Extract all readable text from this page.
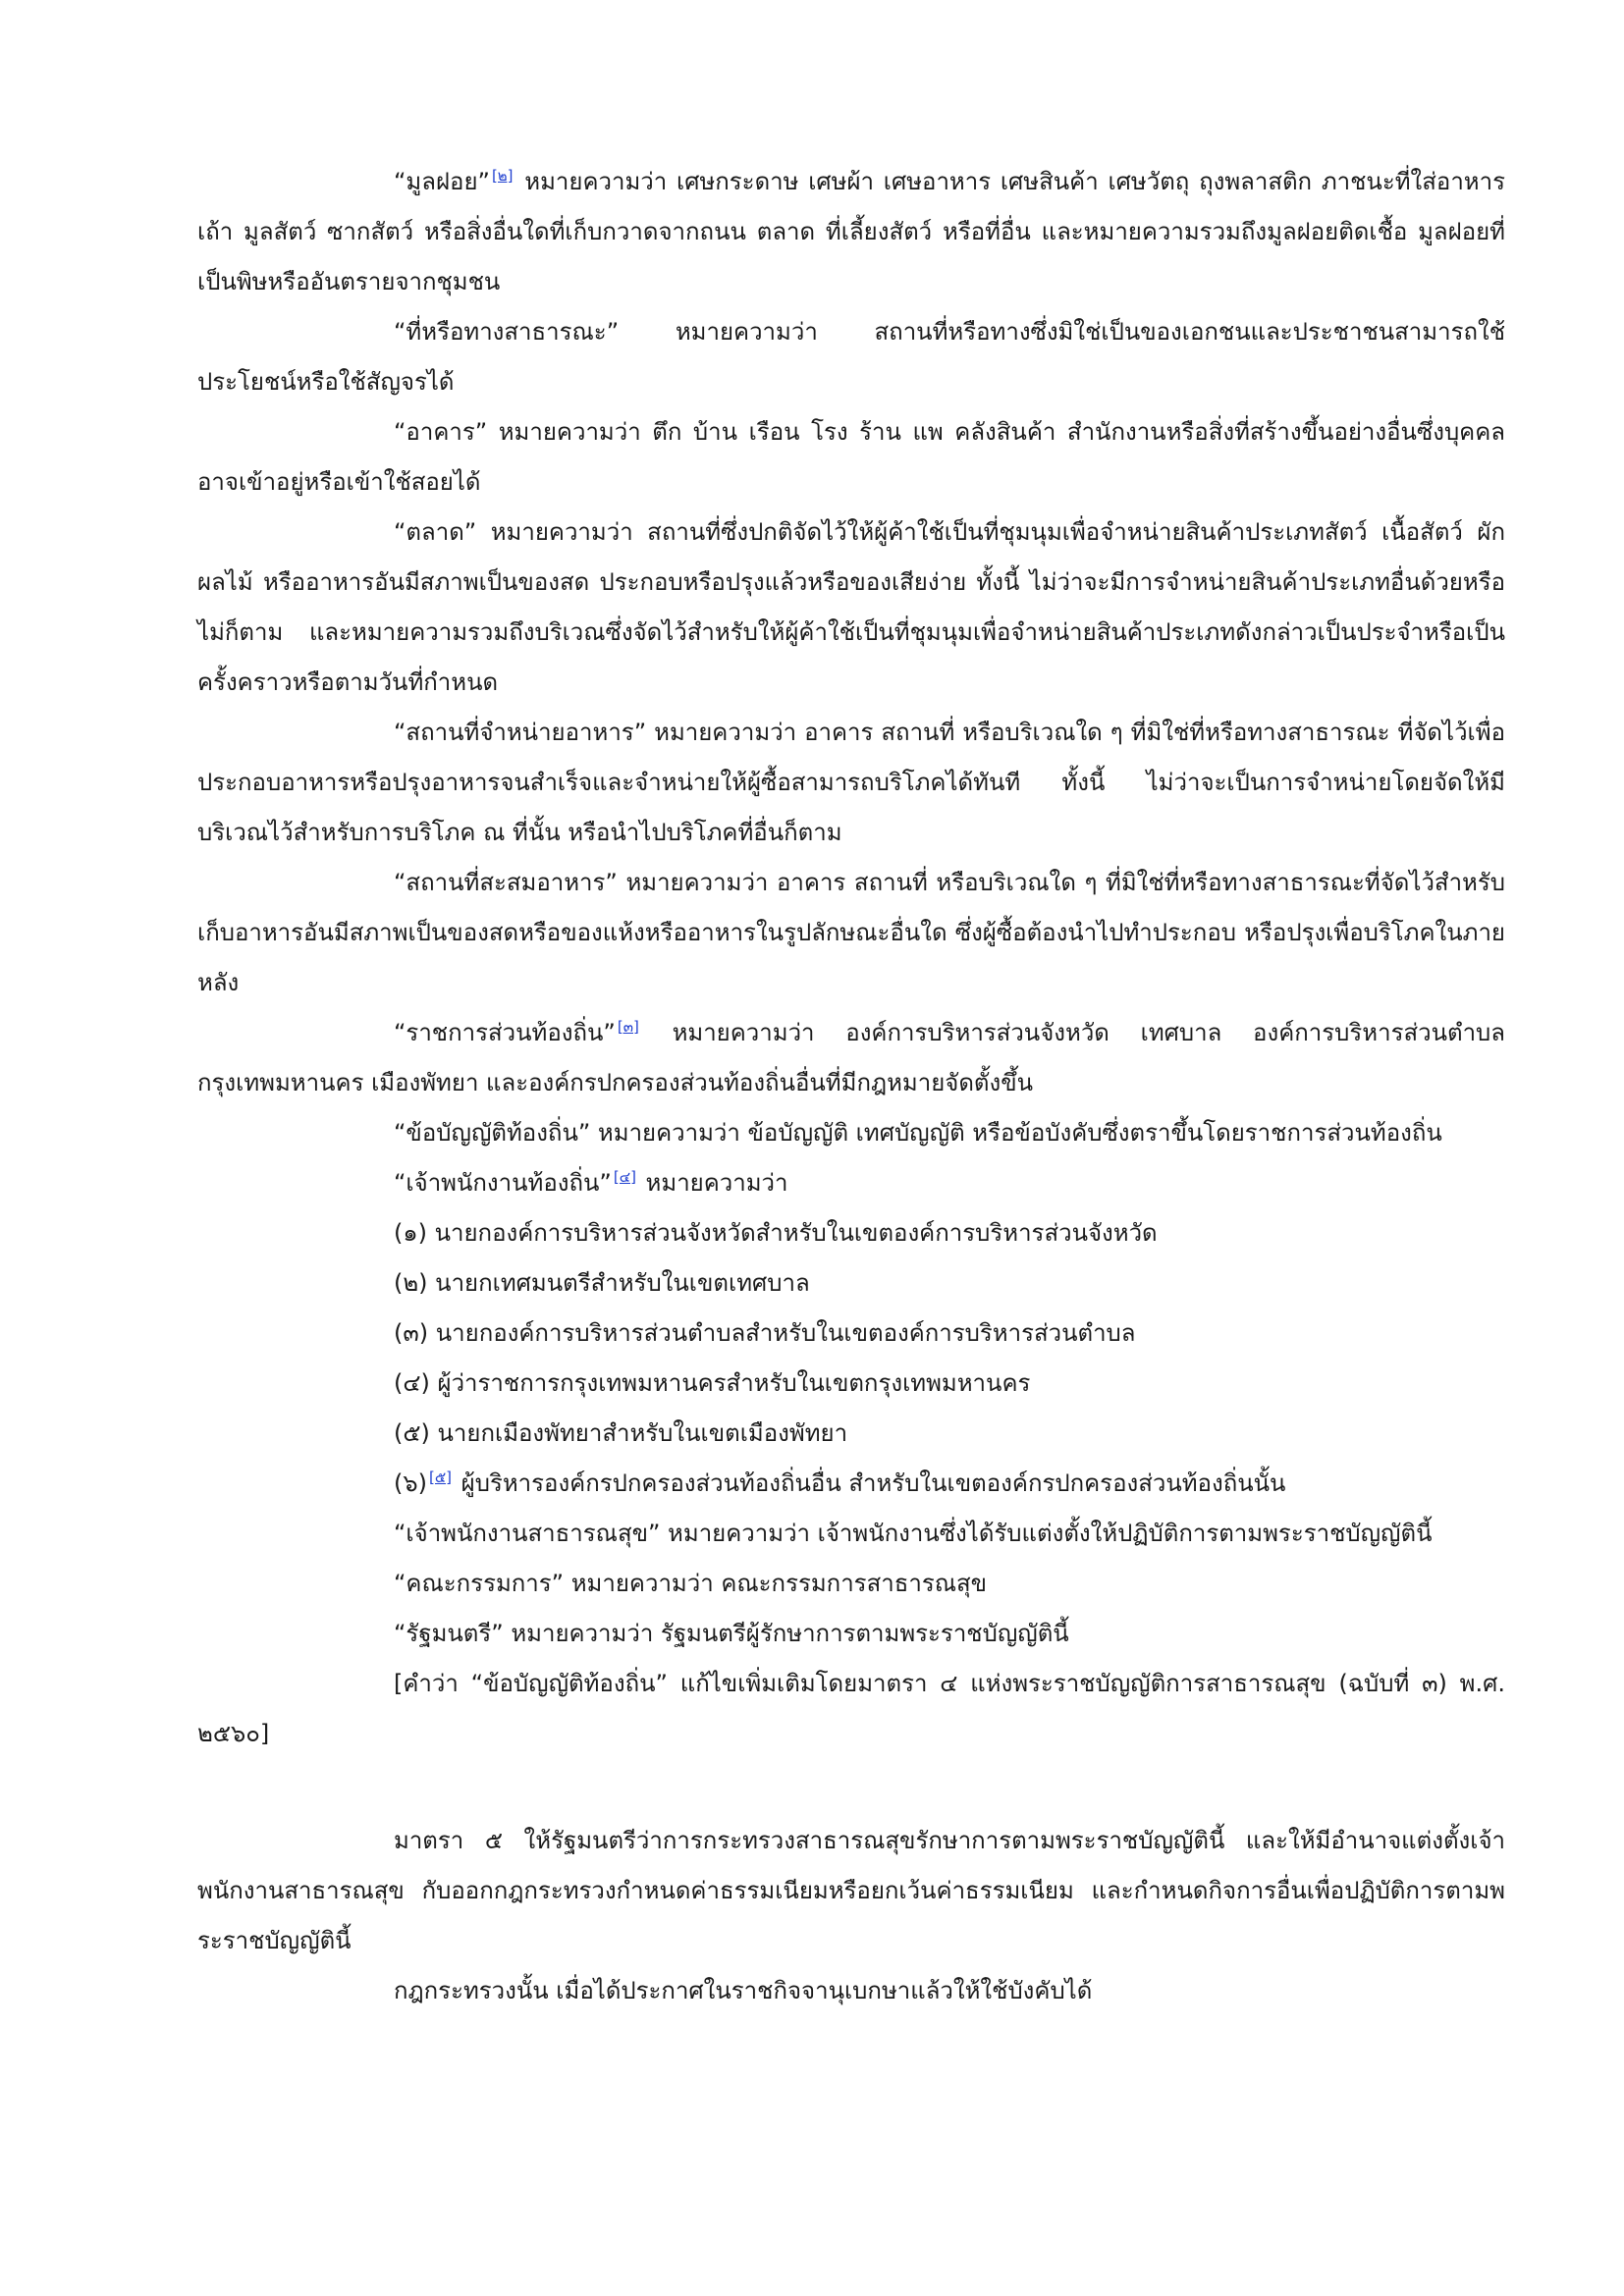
“มูลฝอย” [๒] หมายความว่า เศษกระดาษ เศษผ้า เศษอาหาร เศษสินค้า เศษวัตถุ ถุงพลาสติก ภาชนะที่ใส่อาหาร เถ้า มูลสัตว์ ซากสัตว์ หรือสิ่งอื่นใดที่เก็บกวาดจากถนน ตลาด ที่เลี้ยงสัตว์ หรือที่อื่น และหมายความรวมถึงมูลฝอยติดเชื้อ มูลฝอยที่เป็นพิษหรืออันตรายจากชุมชน

“ที่หรือทางสาธารณะ” หมายความว่า สถานที่หรือทางซึ่งมิใช่เป็นของเอกชนและประชาชนสามารถใช้ประโยชน์หรือใช้สัญจรได้

“อาคาร” หมายความว่า ตึก บ้าน เรือน โรง ร้าน แพ คลังสินค้า สำนักงานหรือสิ่งที่สร้างขึ้นอย่างอื่นซึ่งบุคคลอาจเข้าอยู่หรือเข้าใช้สอยได้

“ตลาด” หมายความว่า สถานที่ซึ่งปกติจัดไว้ให้ผู้ค้าใช้เป็นที่ชุมนุมเพื่อจำหน่ายสินค้าประเภทสัตว์ เนื้อสัตว์ ผัก ผลไม้ หรืออาหารอันมีสภาพเป็นของสด ประกอบหรือปรุงแล้วหรือของเสียง่าย ทั้งนี้ ไม่ว่าจะมีการจำหน่ายสินค้าประเภทอื่นด้วยหรือไม่ก็ตาม และหมายความรวมถึงบริเวณซึ่งจัดไว้สำหรับให้ผู้ค้าใช้เป็นที่ชุมนุมเพื่อจำหน่ายสินค้าประเภทดังกล่าวเป็นประจำหรือเป็นครั้งคราวหรือตามวันที่กำหนด

“สถานที่จำหน่ายอาหาร” หมายความว่า อาคาร สถานที่ หรือบริเวณใด ๆ ที่มิใช่ที่หรือทางสาธารณะ ที่จัดไว้เพื่อประกอบอาหารหรือปรุงอาหารจนสำเร็จและจำหน่ายให้ผู้ซื้อสามารถบริโภคได้ทันที ทั้งนี้ ไม่ว่าจะเป็นการจำหน่ายโดยจัดให้มีบริเวณไว้สำหรับการบริโภค ณ ที่นั้น หรือนำไปบริโภคที่อื่นก็ตาม

“สถานที่สะสมอาหาร” หมายความว่า อาคาร สถานที่ หรือบริเวณใด ๆ ที่มิใช่ที่หรือทางสาธารณะที่จัดไว้สำหรับเก็บอาหารอันมีสภาพเป็นของสดหรือของแห้งหรืออาหารในรูปลักษณะอื่นใด ซึ่งผู้ซื้อต้องนำไปทำประกอบ หรือปรุงเพื่อบริโภคในภายหลัง

“ราชการส่วนท้องถิ่น” [๓] หมายความว่า องค์การบริหารส่วนจังหวัด เทศบาล องค์การบริหารส่วนตำบล กรุงเทพมหานคร เมืองพัทยา และองค์กรปกครองส่วนท้องถิ่นอื่นที่มีกฎหมายจัดตั้งขึ้น

“ข้อบัญญัติท้องถิ่น” หมายความว่า ข้อบัญญัติ เทศบัญญัติ หรือข้อบังคับซึ่งตราขึ้นโดยราชการส่วนท้องถิ่น

“เจ้าพนักงานท้องถิ่น” [๔] หมายความว่า

(๑) นายกองค์การบริหารส่วนจังหวัดสำหรับในเขตองค์การบริหารส่วนจังหวัด

(๒) นายกเทศมนตรีสำหรับในเขตเทศบาล

(๓) นายกองค์การบริหารส่วนตำบลสำหรับในเขตองค์การบริหารส่วนตำบล

(๔) ผู้ว่าราชการกรุงเทพมหานครสำหรับในเขตกรุงเทพมหานคร

(๕) นายกเมืองพัทยาสำหรับในเขตเมืองพัทยา

(๖) [๕] ผู้บริหารองค์กรปกครองส่วนท้องถิ่นอื่น สำหรับในเขตองค์กรปกครองส่วนท้องถิ่นนั้น

“เจ้าพนักงานสาธารณสุข” หมายความว่า เจ้าพนักงานซึ่งได้รับแต่งตั้งให้ปฏิบัติการตามพระราชบัญญัตินี้

“คณะกรรมการ” หมายความว่า คณะกรรมการสาธารณสุข

“รัฐมนตรี” หมายความว่า รัฐมนตรีผู้รักษาการตามพระราชบัญญัตินี้

[คำว่า “ข้อบัญญัติท้องถิ่น” แก้ไขเพิ่มเติมโดยมาตรา ๔ แห่งพระราชบัญญัติการสาธารณสุข (ฉบับที่ ๓) พ.ศ. ๒๕๖๐]

มาตรา ๕ ให้รัฐมนตรีว่าการกระทรวงสาธารณสุขรักษาการตามพระราชบัญญัตินี้ และให้มีอำนาจแต่งตั้งเจ้าพนักงานสาธารณสุข กับออกกฎกระทรวงกำหนดค่าธรรมเนียมหรือยกเว้นค่าธรรมเนียม และกำหนดกิจการอื่นเพื่อปฏิบัติการตามพระราชบัญญัตินี้

กฎกระทรวงนั้น เมื่อได้ประกาศในราชกิจจานุเบกษาแล้วให้ใช้บังคับได้
